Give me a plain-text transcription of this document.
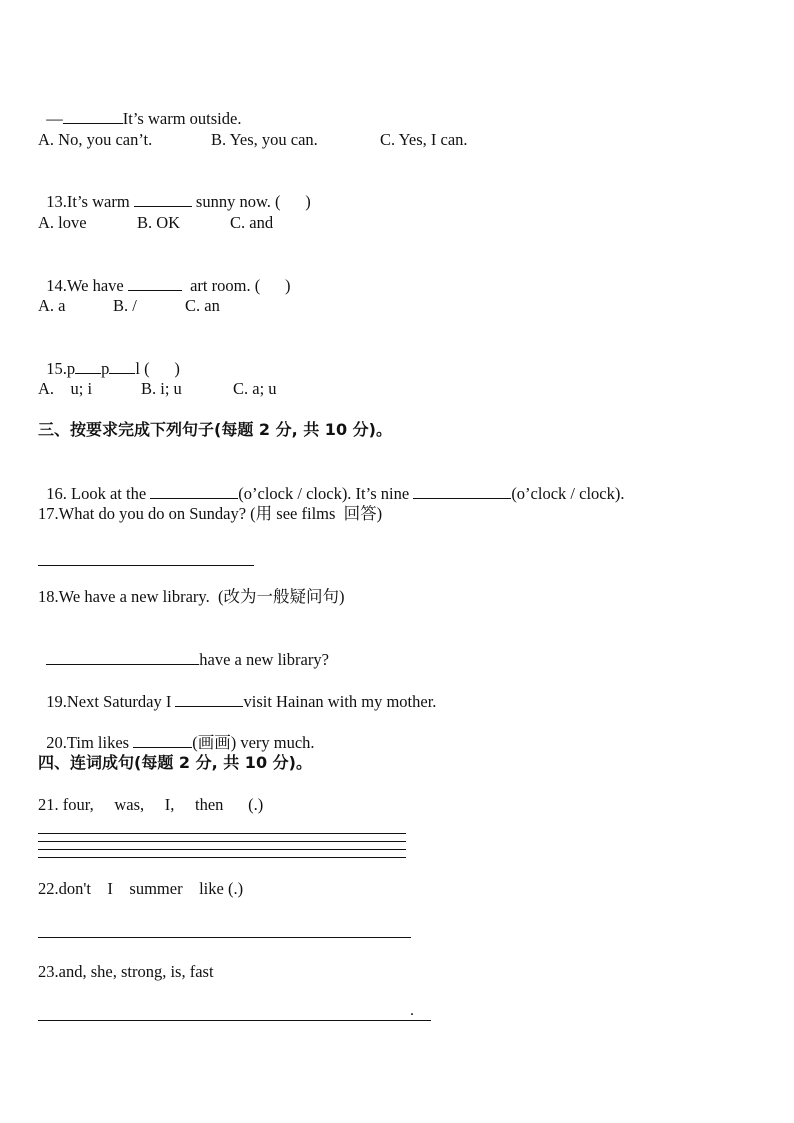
—	It’s warm outside.

A. No, you can’t.	B. Yes, you can.	C. Yes, I can.

13.It’s warm	sunny now. (      )

A. love	B. OK	C. and

14.We have	art room. (      )

A. a	B. /	C. an

15.p p l (      )

A.    u; i	B. i; u	C. a; u
三、按要求完成下列句子(每题 2 分, 共 10 分)。

16. Look at the	(o’clock / clock). It’s nine	(o’clock / clock).

17.What do you do on Sunday? (用 see films  回答)
18.We have a new library.  (改为一般疑问句)

have a new library?

19.Next Saturday I	visit Hainan with my mother.

20.Tim likes	(画画) very much.

四、连词成句(每题 2 分, 共 10 分)。
21. four,     was,     I,     then      (.)
22.don't    I    summer    like (.)
23.and, she, strong, is, fast
.
